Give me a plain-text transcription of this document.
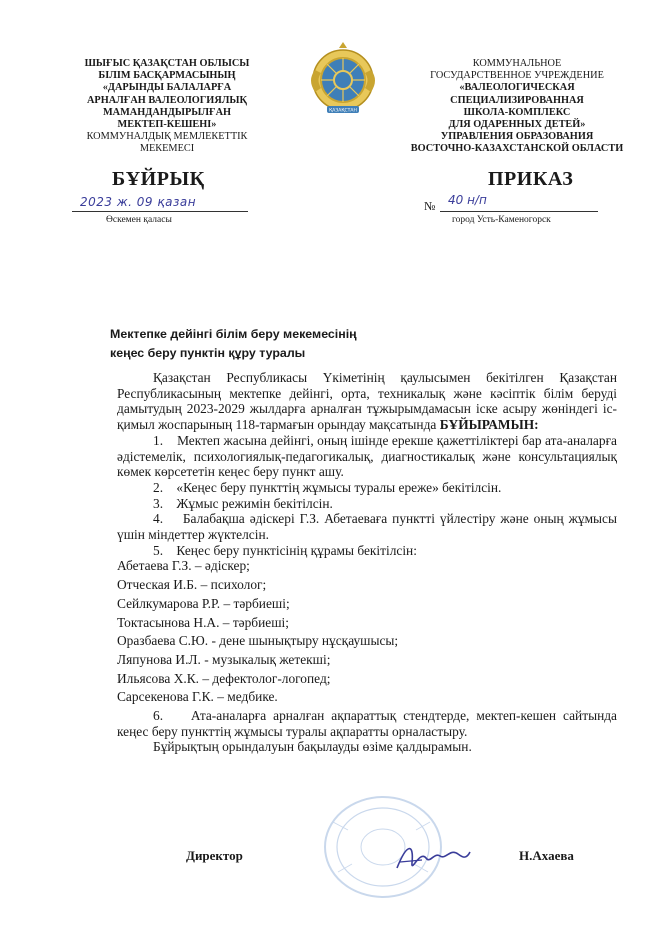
ШЫҒЫС ҚАЗАҚСТАН ОБЛЫСЫ
БІЛІМ БАСҚАРМАСЫНЫҢ
«ДАРЫНДЫ БАЛАЛАРҒА
АРНАЛҒАН ВАЛЕОЛОГИЯЛЫҚ
МАМАНДАНДЫРЫЛҒАН
МЕКТЕП-КЕШЕНІ»
КОММУНАЛДЫҚ МЕМЛЕКЕТТІК
МЕКЕМЕСІ
ҚАЗАҚСТАН
КОММУНАЛЬНОЕ
ГОСУДАРСТВЕННОЕ УЧРЕЖДЕНИЕ
«ВАЛЕОЛОГИЧЕСКАЯ
СПЕЦИАЛИЗИРОВАННАЯ
ШКОЛА-КОМПЛЕКС
ДЛЯ ОДАРЕННЫХ ДЕТЕЙ»
УПРАВЛЕНИЯ ОБРАЗОВАНИЯ
ВОСТОЧНО-КАЗАХСТАНСКОЙ ОБЛАСТИ
БҰЙРЫҚ	ПРИКАЗ
2023 ж. 09 қазан
Өскемен қаласы
№ 40 н/п
город Усть-Каменогорск
Мектепке дейінгі білім беру мекемесінің
кеңес беру пунктін құру туралы

Қазақстан Республикасы Үкіметінің қаулысымен бекітілген Қазақстан Республикасының мектепке дейінгі, орта, техникалық және кәсіптік білім беруді дамытудың 2023-2029 жылдарға арналған тұжырымдамасын іске асыру жөніндегі іс-қимыл жоспарының 118-тармағын орындау мақсатында БҰЙЫРАМЫН:

1.    Мектеп жасына дейінгі, оның ішінде ерекше қажеттіліктері бар ата-аналарға әдістемелік, психологиялық-педагогикалық, диагностикалық және консультациялық көмек көрсететін кеңес беру пункт ашу.

2.    «Кеңес беру пункттің жұмысы туралы ереже» бекітілсін.

3.    Жұмыс режимін бекітілсін.

4.    Балабақша әдіскері Г.З. Абетаеваға пунктті үйлестіру және оның жұмысы үшін міндеттер жүктелсін.

5.    Кеңес беру пунктісінің құрамы бекітілсін:

Абетаева Г.З. – әдіскер;

Отческая И.Б. – психолог;

Сейлкумарова Р.Р. – тәрбиеші;

Токтасынова Н.А. – тәрбиеші;

Оразбаева С.Ю. - дене шынықтыру нұсқаушысы;

Ляпунова И.Л. - музыкалық жетекші;

Ильясова Х.К. – дефектолог-логопед;

Сарсекенова Г.К. – медбике.

6.    Ата-аналарға арналған ақпараттық стендтерде, мектеп-кешен сайтында кеңес беру пункттің жұмысы туралы ақпаратты орналастыру.

Бұйрықтың орындалуын бақылауды өзіме қалдырамын.

Директор	Н.Ахаева
